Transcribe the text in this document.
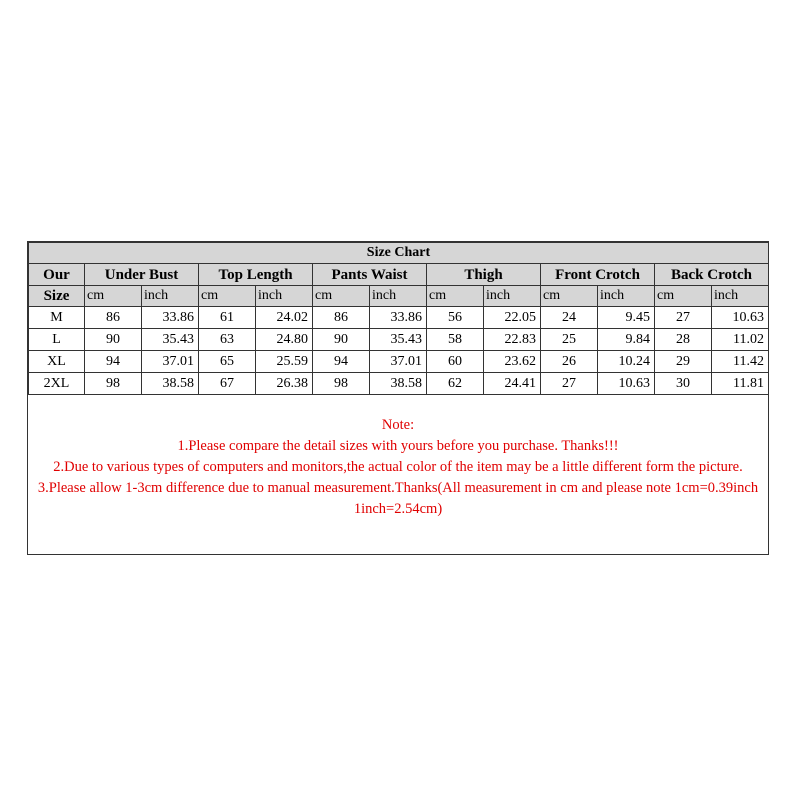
Size Chart												
Our	Under Bust		Top Length		Pants Waist		Thigh		Front Crotch		Back Crotch	
Size	cm	inch	cm	inch	cm	inch	cm	inch	cm	inch	cm	inch
M	86	33.86	61	24.02	86	33.86	56	22.05	24	9.45	27	10.63
L	90	35.43	63	24.80	90	35.43	58	22.83	25	9.84	28	11.02
XL	94	37.01	65	25.59	94	37.01	60	23.62	26	10.24	29	11.42
2XL	98	38.58	67	26.38	98	38.58	62	24.41	27	10.63	30	11.81
Note:
1.Please compare the detail sizes with yours before you purchase. Thanks!!!
2.Due to various types of computers and monitors,the actual color of the item may be a little different form the picture.
3.Please allow 1-3cm difference due to manual measurement.Thanks(All measurement in cm and please note 1cm=0.39inch 1inch=2.54cm)
